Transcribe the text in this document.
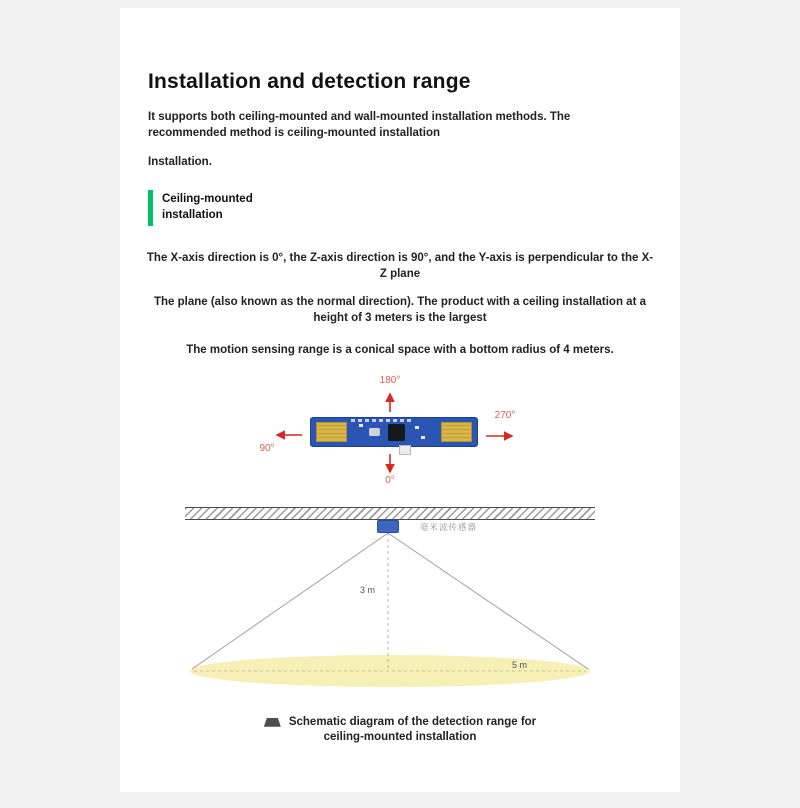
Installation and detection range

It supports both ceiling-mounted and wall-mounted installation methods. The recommended method is ceiling-mounted installation

Installation.

Ceiling-mounted
installation

The X-axis direction is 0°, the Z-axis direction is 90°, and the Y-axis is perpendicular to the X-Z plane

The plane (also known as the normal direction). The product with a ceiling installation at a height of 3 meters is the largest

The motion sensing range is a conical space with a bottom radius of 4 meters.

180°
270°
90°
0°
毫米波传感器
3 m
5 m
Schematic diagram of the detection range for
ceiling-mounted installation
